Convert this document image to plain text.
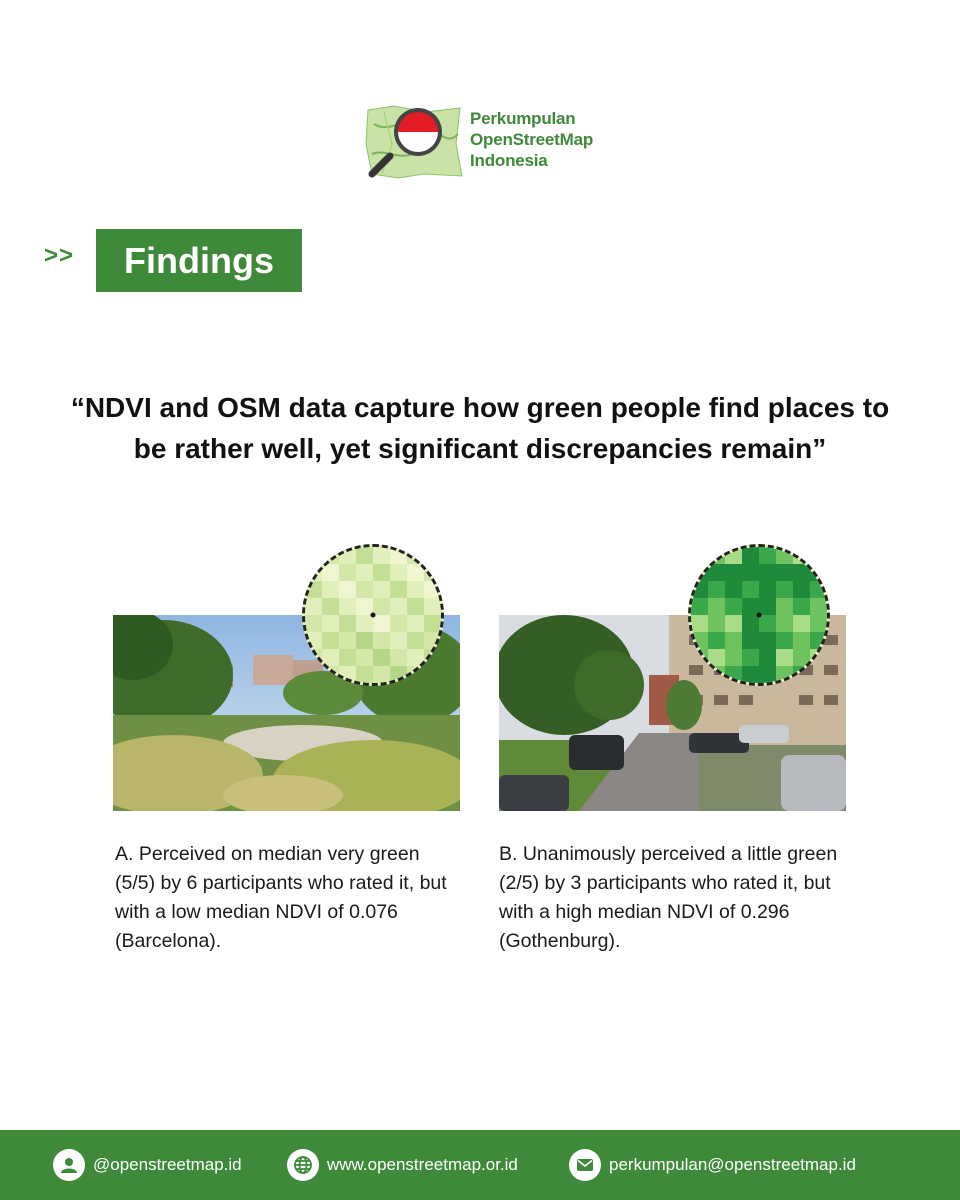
Perkumpulan
OpenStreetMap
Indonesia
>> Findings
“NDVI and OSM data capture how green people find places to be rather well, yet significant discrepancies remain”
A. Perceived on median very green (5/5) by 6 participants who rated it, but with a low median NDVI of 0.076 (Barcelona).
B. Unanimously perceived a little green (2/5) by 3 participants who rated it, but with a high median NDVI of 0.296 (Gothenburg).
@openstreetmap.id	www.openstreetmap.or.id	perkumpulan@openstreetmap.id
